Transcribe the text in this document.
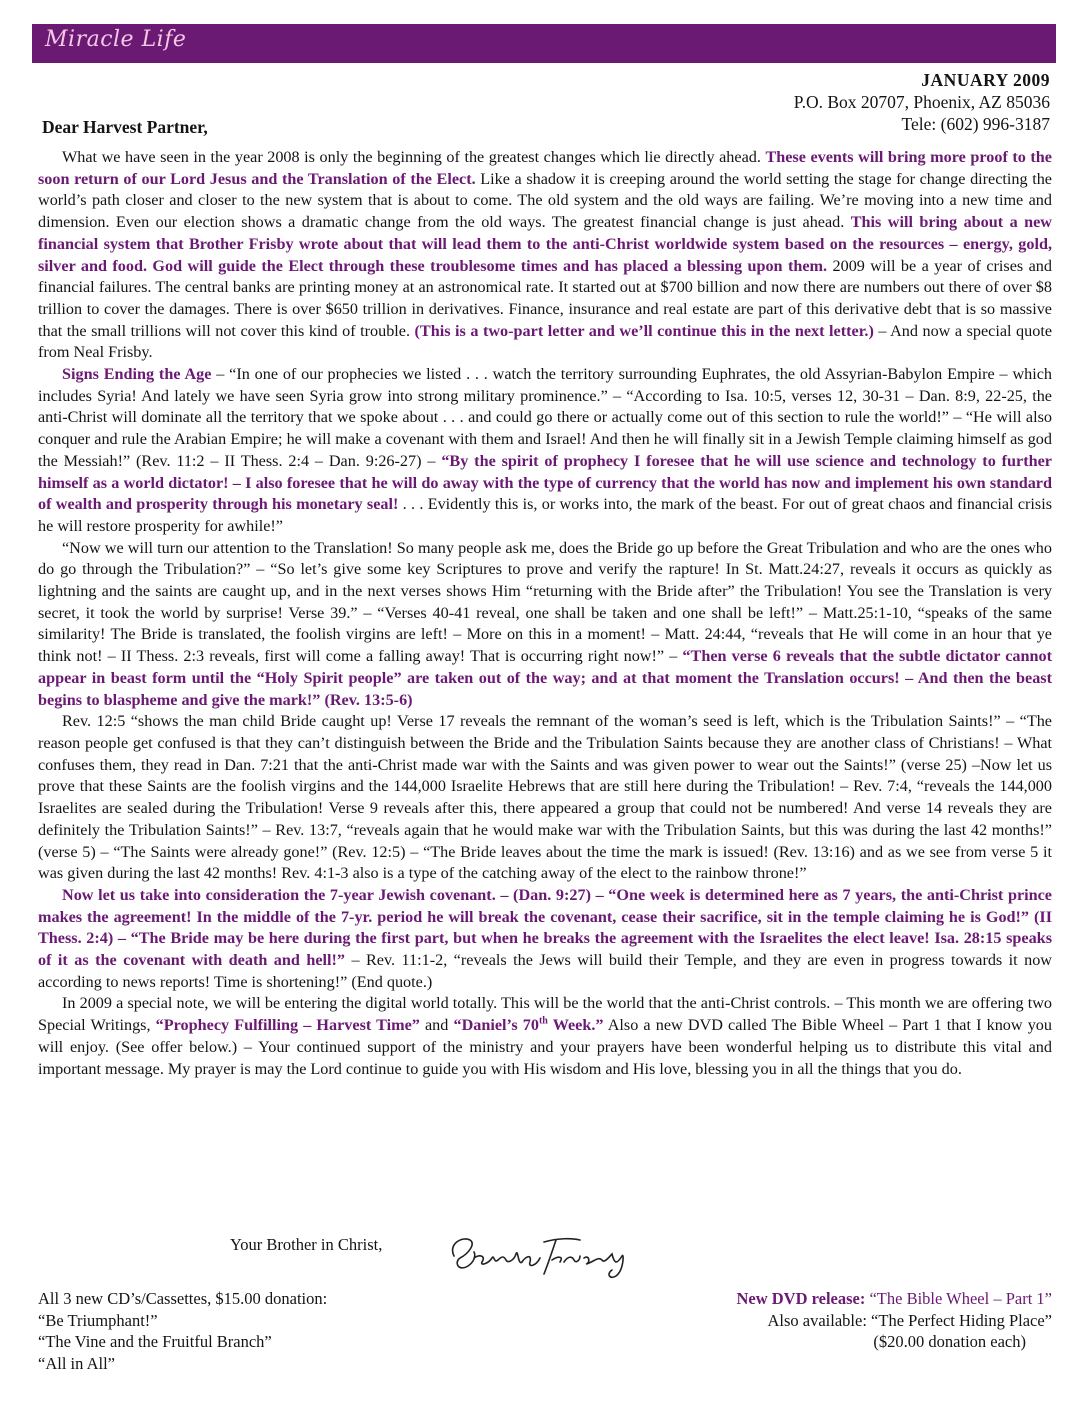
Miracle Life
JANUARY 2009
P.O. Box 20707, Phoenix, AZ 85036
Tele: (602) 996-3187
Dear Harvest Partner,

What we have seen in the year 2008 is only the beginning of the greatest changes which lie directly ahead. These events will bring more proof to the soon return of our Lord Jesus and the Translation of the Elect. Like a shadow it is creeping around the world setting the stage for change directing the world’s path closer and closer to the new system that is about to come. The old system and the old ways are failing. We’re moving into a new time and dimension. Even our election shows a dramatic change from the old ways. The greatest financial change is just ahead. This will bring about a new financial system that Brother Frisby wrote about that will lead them to the anti-Christ worldwide system based on the resources – energy, gold, silver and food. God will guide the Elect through these troublesome times and has placed a blessing upon them. 2009 will be a year of crises and financial failures. The central banks are printing money at an astronomical rate. It started out at $700 billion and now there are numbers out there of over $8 trillion to cover the damages. There is over $650 trillion in derivatives. Finance, insurance and real estate are part of this derivative debt that is so massive that the small trillions will not cover this kind of trouble. (This is a two-part letter and we’ll continue this in the next letter.) – And now a special quote from Neal Frisby.

Signs Ending the Age – “In one of our prophecies we listed . . . watch the territory surrounding Euphrates, the old Assyrian-Babylon Empire – which includes Syria! And lately we have seen Syria grow into strong military prominence.” – “According to Isa. 10:5, verses 12, 30-31 – Dan. 8:9, 22-25, the anti-Christ will dominate all the territory that we spoke about . . . and could go there or actually come out of this section to rule the world!” – “He will also conquer and rule the Arabian Empire; he will make a covenant with them and Israel! And then he will finally sit in a Jewish Temple claiming himself as god the Messiah!” (Rev. 11:2 – II Thess. 2:4 – Dan. 9:26-27) – “By the spirit of prophecy I foresee that he will use science and technology to further himself as a world dictator! – I also foresee that he will do away with the type of currency that the world has now and implement his own standard of wealth and prosperity through his monetary seal! . . . Evidently this is, or works into, the mark of the beast. For out of great chaos and financial crisis he will restore prosperity for awhile!”

“Now we will turn our attention to the Translation! So many people ask me, does the Bride go up before the Great Tribulation and who are the ones who do go through the Tribulation?” – “So let’s give some key Scriptures to prove and verify the rapture! In St. Matt.24:27, reveals it occurs as quickly as lightning and the saints are caught up, and in the next verses shows Him “returning with the Bride after” the Tribulation! You see the Translation is very secret, it took the world by surprise! Verse 39.” – “Verses 40-41 reveal, one shall be taken and one shall be left!” – Matt.25:1-10, “speaks of the same similarity! The Bride is translated, the foolish virgins are left! – More on this in a moment! – Matt. 24:44, “reveals that He will come in an hour that ye think not! – II Thess. 2:3 reveals, first will come a falling away! That is occurring right now!” – “Then verse 6 reveals that the subtle dictator cannot appear in beast form until the “Holy Spirit people” are taken out of the way; and at that moment the Translation occurs! – And then the beast begins to blaspheme and give the mark!” (Rev. 13:5-6)

Rev. 12:5 “shows the man child Bride caught up! Verse 17 reveals the remnant of the woman’s seed is left, which is the Tribulation Saints!” – “The reason people get confused is that they can’t distinguish between the Bride and the Tribulation Saints because they are another class of Christians! – What confuses them, they read in Dan. 7:21 that the anti-Christ made war with the Saints and was given power to wear out the Saints!” (verse 25) –Now let us prove that these Saints are the foolish virgins and the 144,000 Israelite Hebrews that are still here during the Tribulation! – Rev. 7:4, “reveals the 144,000 Israelites are sealed during the Tribulation! Verse 9 reveals after this, there appeared a group that could not be numbered! And verse 14 reveals they are definitely the Tribulation Saints!” – Rev. 13:7, “reveals again that he would make war with the Tribulation Saints, but this was during the last 42 months!” (verse 5) – “The Saints were already gone!” (Rev. 12:5) – “The Bride leaves about the time the mark is issued! (Rev. 13:16) and as we see from verse 5 it was given during the last 42 months! Rev. 4:1-3 also is a type of the catching away of the elect to the rainbow throne!”

Now let us take into consideration the 7-year Jewish covenant. – (Dan. 9:27) – “One week is determined here as 7 years, the anti-Christ prince makes the agreement! In the middle of the 7-yr. period he will break the covenant, cease their sacrifice, sit in the temple claiming he is God!” (II Thess. 2:4) – “The Bride may be here during the first part, but when he breaks the agreement with the Israelites the elect leave! Isa. 28:15 speaks of it as the covenant with death and hell!” – Rev. 11:1-2, “reveals the Jews will build their Temple, and they are even in progress towards it now according to news reports! Time is shortening!” (End quote.)

In 2009 a special note, we will be entering the digital world totally. This will be the world that the anti-Christ controls. – This month we are offering two Special Writings, “Prophecy Fulfilling – Harvest Time” and “Daniel’s 70th Week.” Also a new DVD called The Bible Wheel – Part 1 that I know you will enjoy. (See offer below.) – Your continued support of the ministry and your prayers have been wonderful helping us to distribute this vital and important message. My prayer is may the Lord continue to guide you with His wisdom and His love, blessing you in all the things that you do.

Your Brother in Christ,
All 3 new CD’s/Cassettes, $15.00 donation:
“Be Triumphant!”
“The Vine and the Fruitful Branch”
“All in All”
New DVD release: “The Bible Wheel – Part 1”
Also available: “The Perfect Hiding Place”
($20.00 donation each)
